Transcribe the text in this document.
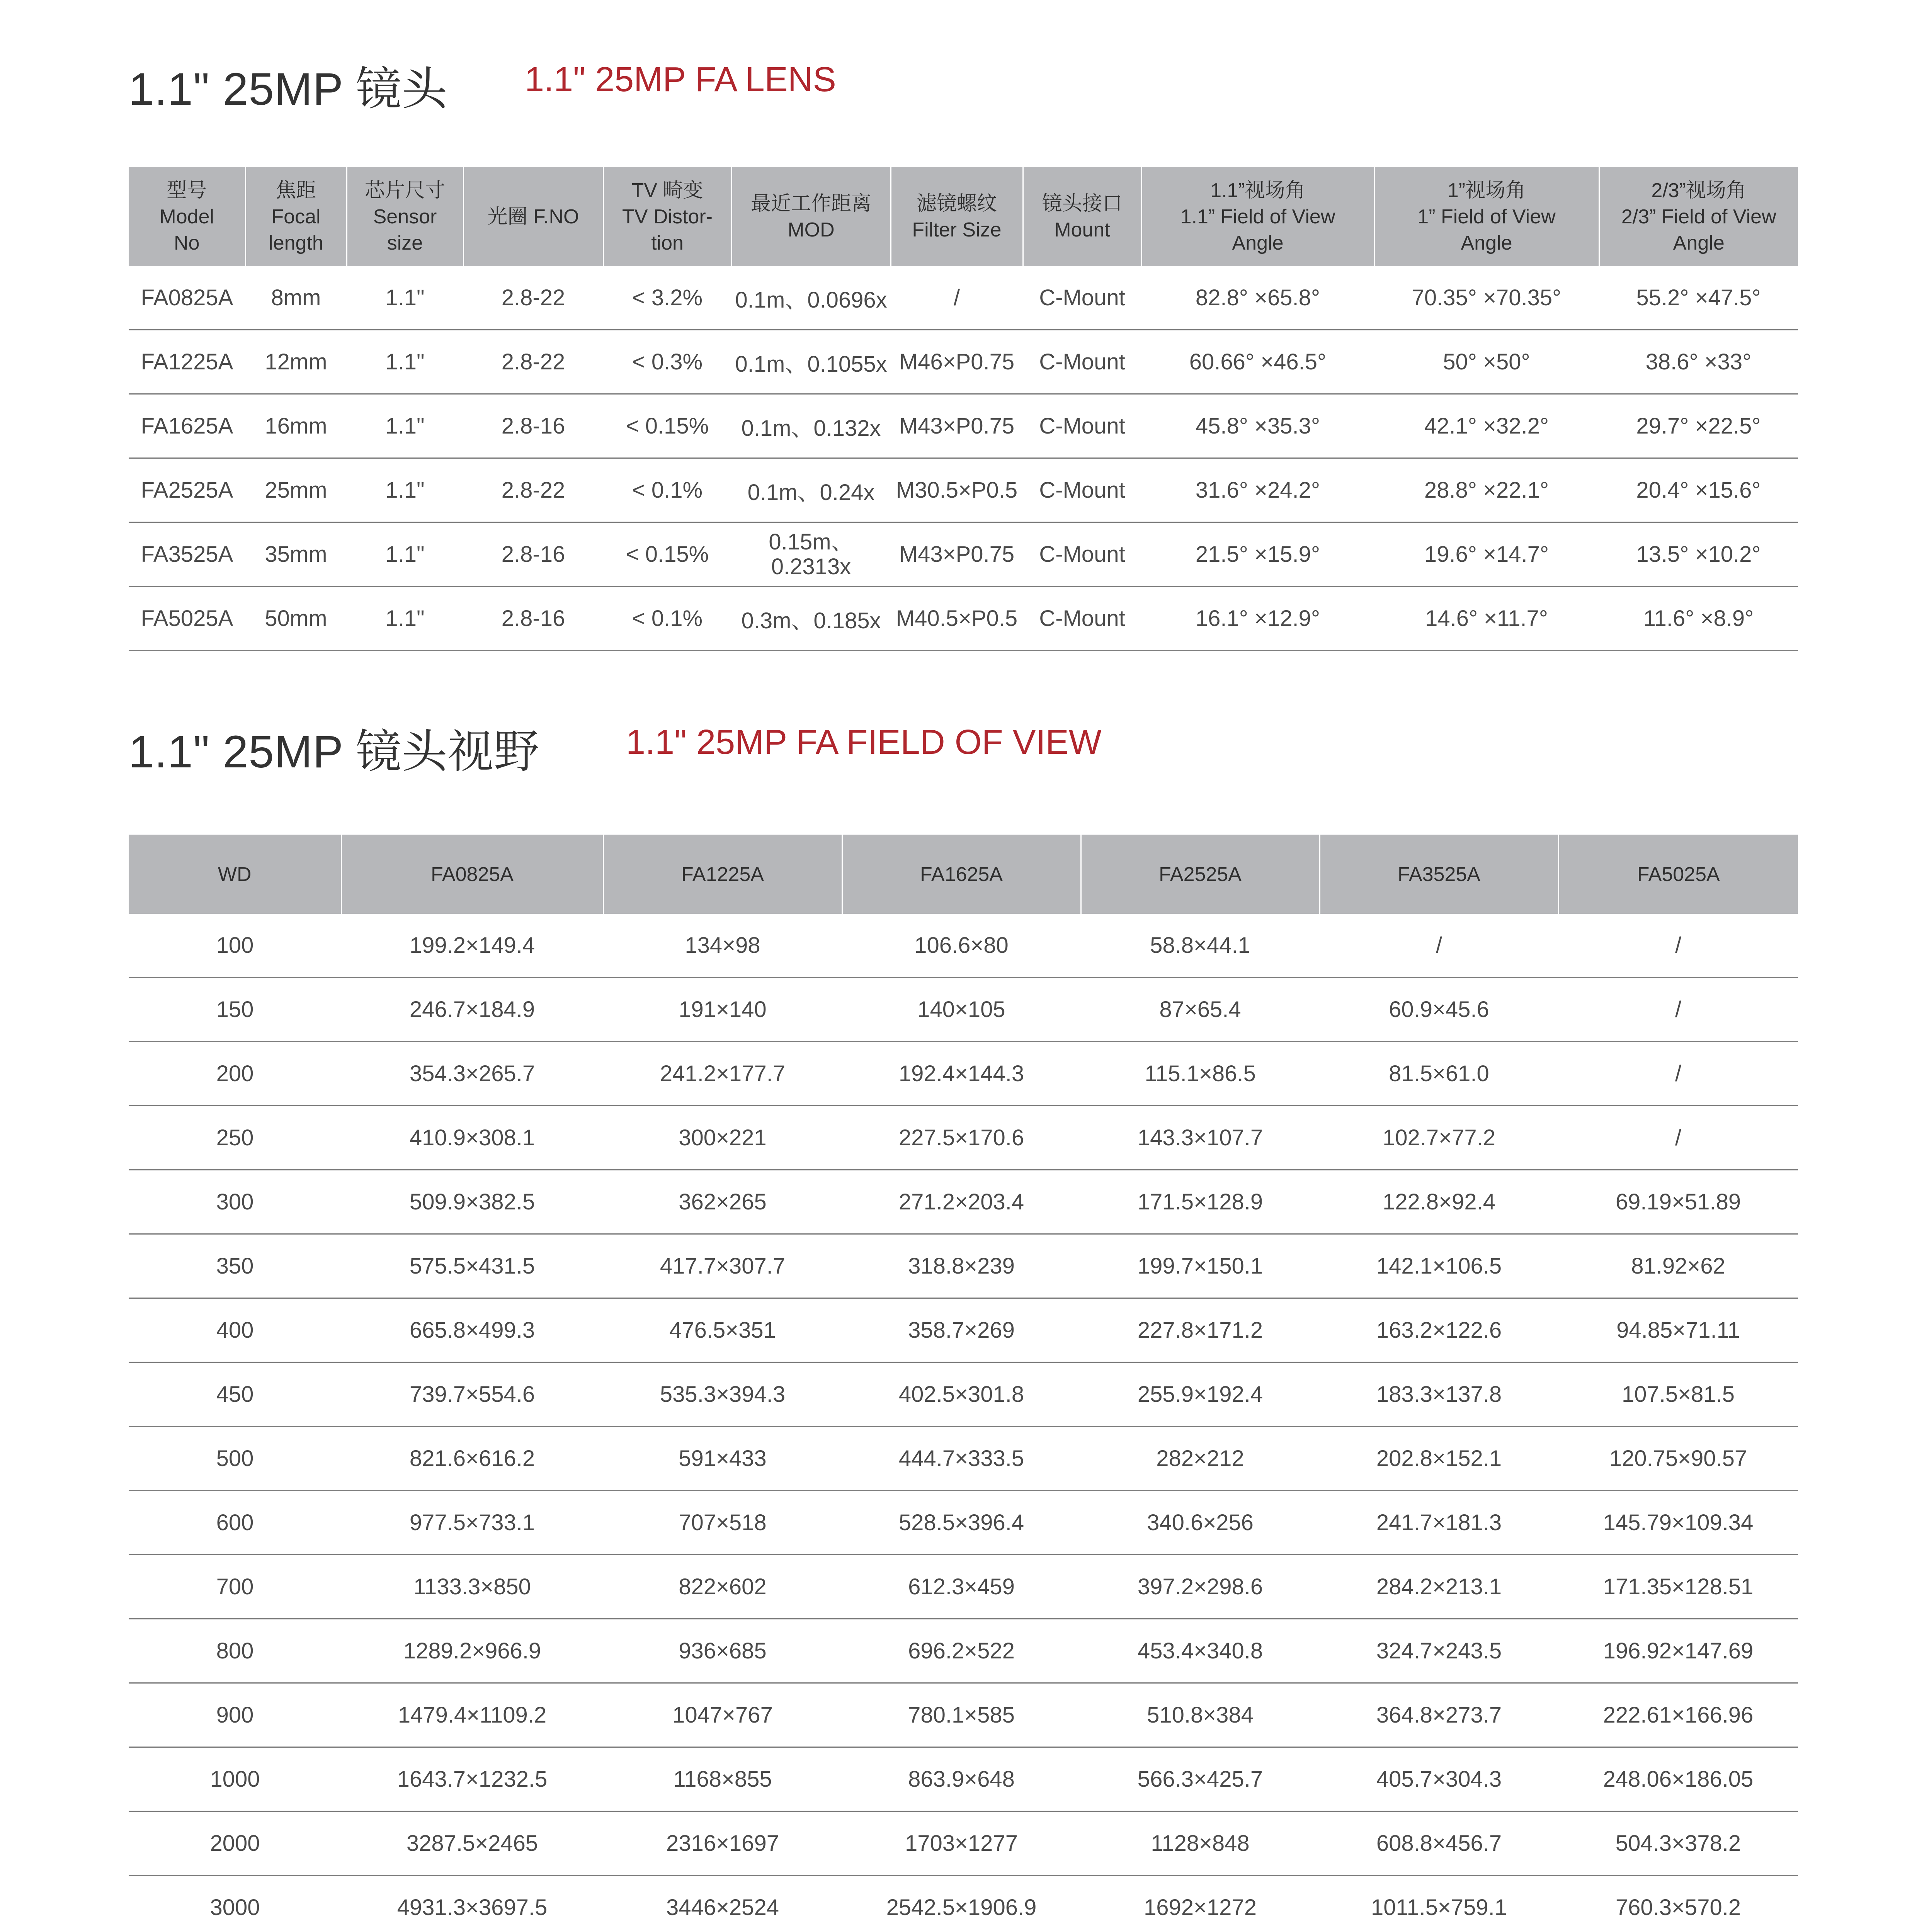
1.1" 25MP 镜头 1.1" 25MP FA LENS
型号
Model
No	焦距
Focal
length	芯片尺寸
Sensor
size	光圈 F.NO	TV 畸变
TV Distor-
tion	最近工作距离
MOD	滤镜螺纹
Filter Size	镜头接口
Mount	1.1”视场角
1.1” Field of View
Angle	1”视场角
1” Field of View
Angle	2/3”视场角
2/3” Field of View
Angle

FA0825A	8mm	1.1"	2.8-22	< 3.2%	0.1m、0.0696x	/	C-Mount	82.8° ×65.8°	70.35° ×70.35°	55.2° ×47.5°
FA1225A	12mm	1.1"	2.8-22	< 0.3%	0.1m、0.1055x	M46×P0.75	C-Mount	60.66° ×46.5°	50° ×50°	38.6° ×33°
FA1625A	16mm	1.1"	2.8-16	< 0.15%	0.1m、0.132x	M43×P0.75	C-Mount	45.8° ×35.3°	42.1° ×32.2°	29.7° ×22.5°
FA2525A	25mm	1.1"	2.8-22	< 0.1%	0.1m、0.24x	M30.5×P0.5	C-Mount	31.6° ×24.2°	28.8° ×22.1°	20.4° ×15.6°
FA3525A	35mm	1.1"	2.8-16	< 0.15%	0.15m、0.2313x	M43×P0.75	C-Mount	21.5° ×15.9°	19.6° ×14.7°	13.5° ×10.2°
FA5025A	50mm	1.1"	2.8-16	< 0.1%	0.3m、0.185x	M40.5×P0.5	C-Mount	16.1° ×12.9°	14.6° ×11.7°	11.6° ×8.9°
1.1" 25MP 镜头视野 1.1" 25MP FA FIELD OF VIEW
WD	FA0825A	FA1225A	FA1625A	FA2525A	FA3525A	FA5025A
100	199.2×149.4	134×98	106.6×80	58.8×44.1	/	/
150	246.7×184.9	191×140	140×105	87×65.4	60.9×45.6	/
200	354.3×265.7	241.2×177.7	192.4×144.3	115.1×86.5	81.5×61.0	/
250	410.9×308.1	300×221	227.5×170.6	143.3×107.7	102.7×77.2	/
300	509.9×382.5	362×265	271.2×203.4	171.5×128.9	122.8×92.4	69.19×51.89
350	575.5×431.5	417.7×307.7	318.8×239	199.7×150.1	142.1×106.5	81.92×62
400	665.8×499.3	476.5×351	358.7×269	227.8×171.2	163.2×122.6	94.85×71.11
450	739.7×554.6	535.3×394.3	402.5×301.8	255.9×192.4	183.3×137.8	107.5×81.5
500	821.6×616.2	591×433	444.7×333.5	282×212	202.8×152.1	120.75×90.57
600	977.5×733.1	707×518	528.5×396.4	340.6×256	241.7×181.3	145.79×109.34
700	1133.3×850	822×602	612.3×459	397.2×298.6	284.2×213.1	171.35×128.51
800	1289.2×966.9	936×685	696.2×522	453.4×340.8	324.7×243.5	196.92×147.69
900	1479.4×1109.2	1047×767	780.1×585	510.8×384	364.8×273.7	222.61×166.96
1000	1643.7×1232.5	1168×855	863.9×648	566.3×425.7	405.7×304.3	248.06×186.05
2000	3287.5×2465	2316×1697	1703×1277	1128×848	608.8×456.7	504.3×378.2
3000	4931.3×3697.5	3446×2524	2542.5×1906.9	1692×1272	1011.5×759.1	760.3×570.2
